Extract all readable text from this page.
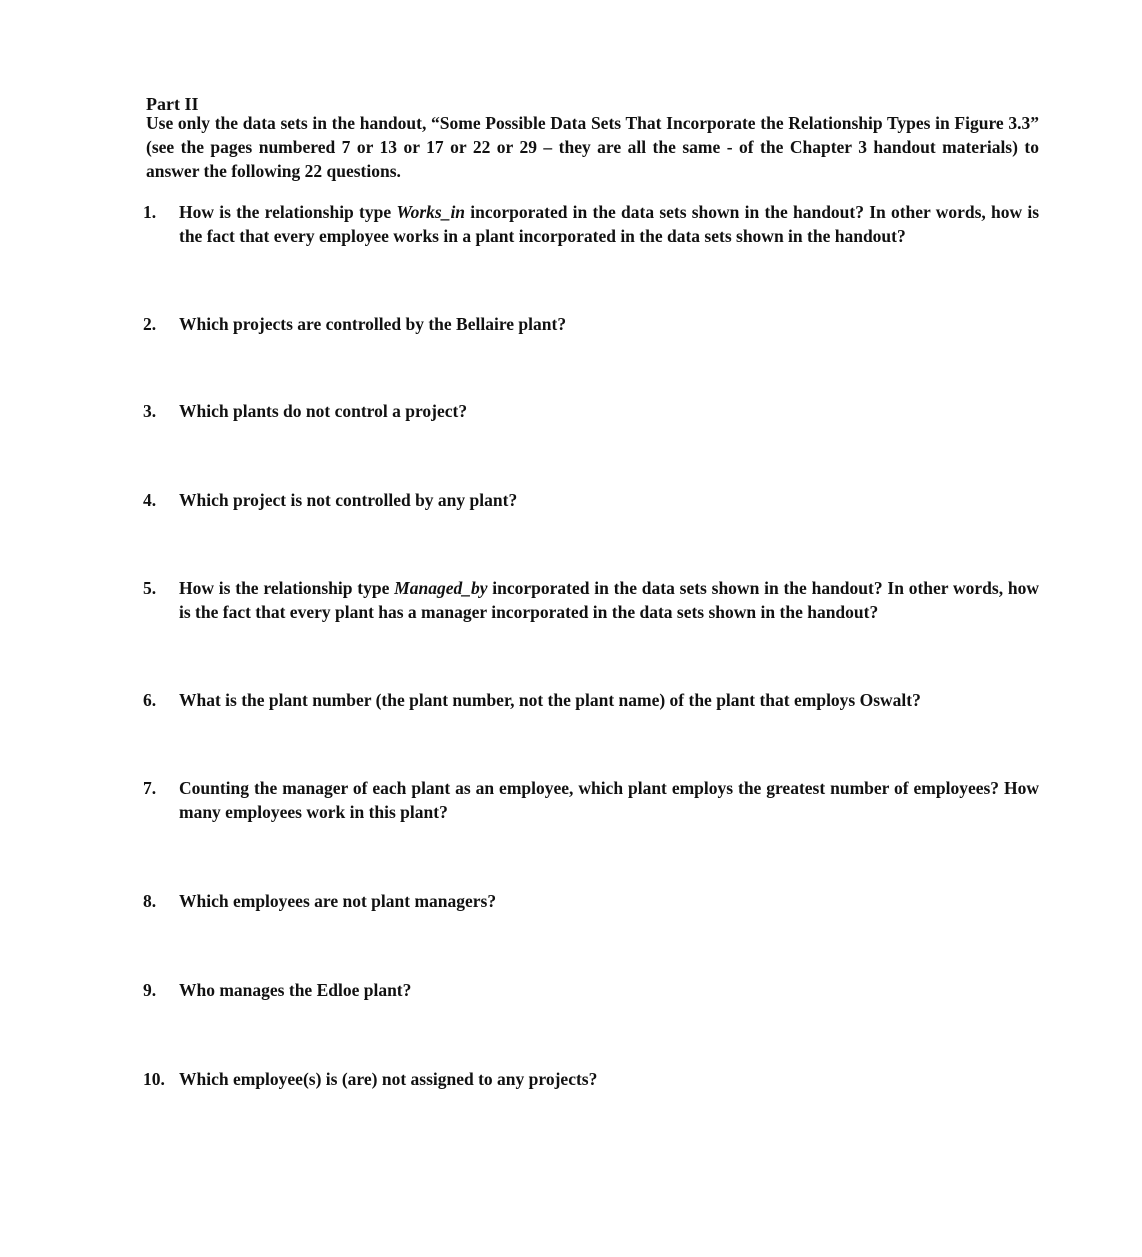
Part II
Use only the data sets in the handout, “Some Possible Data Sets That Incorporate the Relationship Types in Figure 3.3” (see the pages numbered 7 or 13 or 17 or 22 or 29 – they are all the same - of the Chapter 3 handout materials) to answer the following 22 questions.
1.	How is the relationship type Works_in incorporated in the data sets shown in the handout? In other words, how is the fact that every employee works in a plant incorporated in the data sets shown in the handout?
2.	Which projects are controlled by the Bellaire plant?
3.	Which plants do not control a project?
4.	Which project is not controlled by any plant?
5.	How is the relationship type Managed_by incorporated in the data sets shown in the handout? In other words, how is the fact that every plant has a manager incorporated in the data sets shown in the handout?
6.	What is the plant number (the plant number, not the plant name) of the plant that employs Oswalt?
7.	Counting the manager of each plant as an employee, which plant employs the greatest number of employees? How many employees work in this plant?
8.	Which employees are not plant managers?
9.	Who manages the Edloe plant?
10. Which employee(s) is (are) not assigned to any projects?
